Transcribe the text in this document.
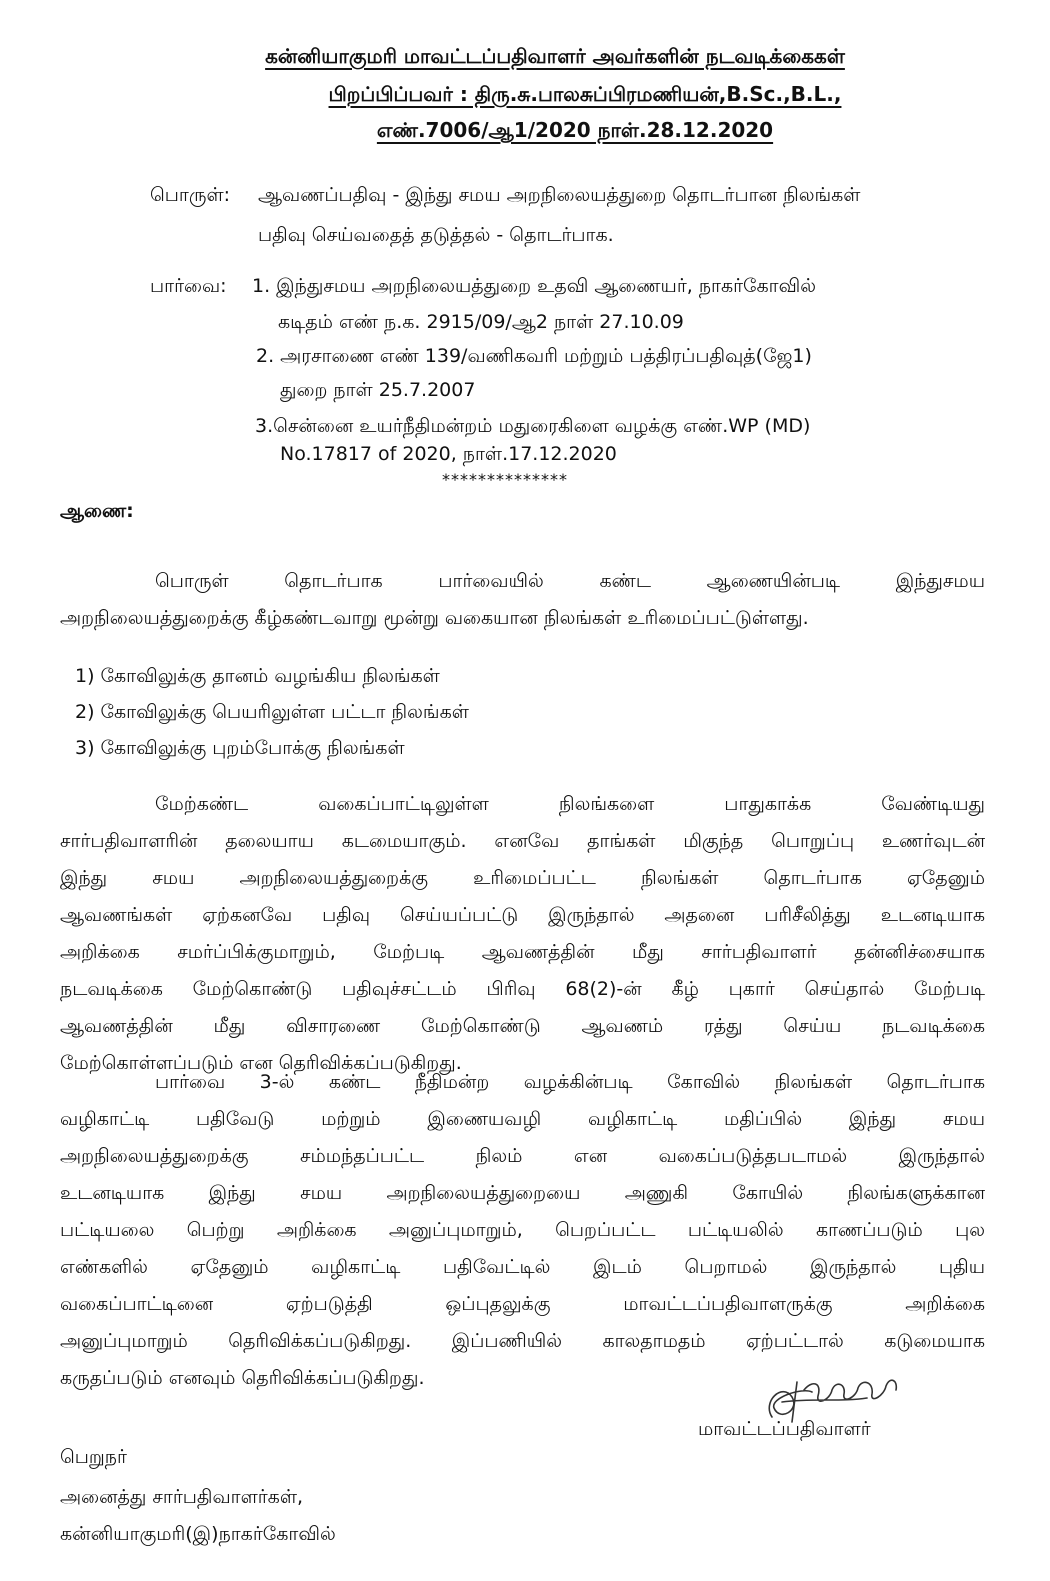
கன்னியாகுமரி மாவட்டப்பதிவாளர் அவர்களின் நடவடிக்கைகள்
பிறப்பிப்பவர் : திரு.சு.பாலசுப்பிரமணியன்,B.Sc.,B.L.,
எண்.7006/ஆ1/2020 நாள்.28.12.2020
பொருள்: ஆவணப்பதிவு - இந்து சமய அறநிலையத்துறை தொடர்பான நிலங்கள்
பதிவு செய்வதைத் தடுத்தல் - தொடர்பாக.
பார்வை: 1. இந்துசமய அறநிலையத்துறை உதவி ஆணையர், நாகர்கோவில்
கடிதம் எண் ந.க. 2915/09/ஆ2 நாள் 27.10.09
2. அரசாணை எண் 139/வணிகவரி மற்றும் பத்திரப்பதிவுத்(ஜே1)
துறை நாள் 25.7.2007
3.சென்னை உயர்நீதிமன்றம் மதுரைகிளை வழக்கு எண்.WP (MD)
No.17817 of 2020, நாள்.17.12.2020
**************
ஆணை:
பொருள் தொடர்பாக பார்வையில் கண்ட ஆணையின்படி இந்துசமய
அறநிலையத்துறைக்கு கீழ்கண்டவாறு மூன்று வகையான நிலங்கள் உரிமைப்பட்டுள்ளது.
1) கோவிலுக்கு தானம் வழங்கிய நிலங்கள்
2) கோவிலுக்கு பெயரிலுள்ள பட்டா நிலங்கள்
3) கோவிலுக்கு புறம்போக்கு நிலங்கள்
மேற்கண்ட வகைப்பாட்டிலுள்ள நிலங்களை பாதுகாக்க வேண்டியது
சார்பதிவாளரின் தலையாய கடமையாகும். எனவே தாங்கள் மிகுந்த பொறுப்பு உணர்வுடன்
இந்து சமய அறநிலையத்துறைக்கு உரிமைப்பட்ட நிலங்கள் தொடர்பாக ஏதேனும்
ஆவணங்கள் ஏற்கனவே பதிவு செய்யப்பட்டு இருந்தால் அதனை பரிசீலித்து உடனடியாக
அறிக்கை சமர்ப்பிக்குமாறும், மேற்படி ஆவணத்தின் மீது சார்பதிவாளர் தன்னிச்சையாக
நடவடிக்கை மேற்கொண்டு பதிவுச்சட்டம் பிரிவு 68(2)-ன் கீழ் புகார் செய்தால் மேற்படி
ஆவணத்தின் மீது விசாரணை மேற்கொண்டு ஆவணம் ரத்து செய்ய நடவடிக்கை
மேற்கொள்ளப்படும் என தெரிவிக்கப்படுகிறது.
பார்வை 3-ல் கண்ட நீதிமன்ற வழக்கின்படி கோவில் நிலங்கள் தொடர்பாக
வழிகாட்டி பதிவேடு மற்றும் இணையவழி வழிகாட்டி மதிப்பில் இந்து சமய
அறநிலையத்துறைக்கு சம்மந்தப்பட்ட நிலம் என வகைப்படுத்தபடாமல் இருந்தால்
உடனடியாக இந்து சமய அறநிலையத்துறையை அணுகி கோயில் நிலங்களுக்கான
பட்டியலை பெற்று அறிக்கை அனுப்புமாறும், பெறப்பட்ட பட்டியலில் காணப்படும் புல
எண்களில் ஏதேனும் வழிகாட்டி பதிவேட்டில் இடம் பெறாமல் இருந்தால் புதிய
வகைப்பாட்டினை ஏற்படுத்தி ஒப்புதலுக்கு மாவட்டப்பதிவாளருக்கு அறிக்கை
அனுப்புமாறும் தெரிவிக்கப்படுகிறது. இப்பணியில் காலதாமதம் ஏற்பட்டால் கடுமையாக
கருதப்படும் எனவும் தெரிவிக்கப்படுகிறது.
மாவட்டப்பதிவாளர்
பெறுநர்
அனைத்து சார்பதிவாளர்கள்,
கன்னியாகுமரி(இ)நாகர்கோவில்
